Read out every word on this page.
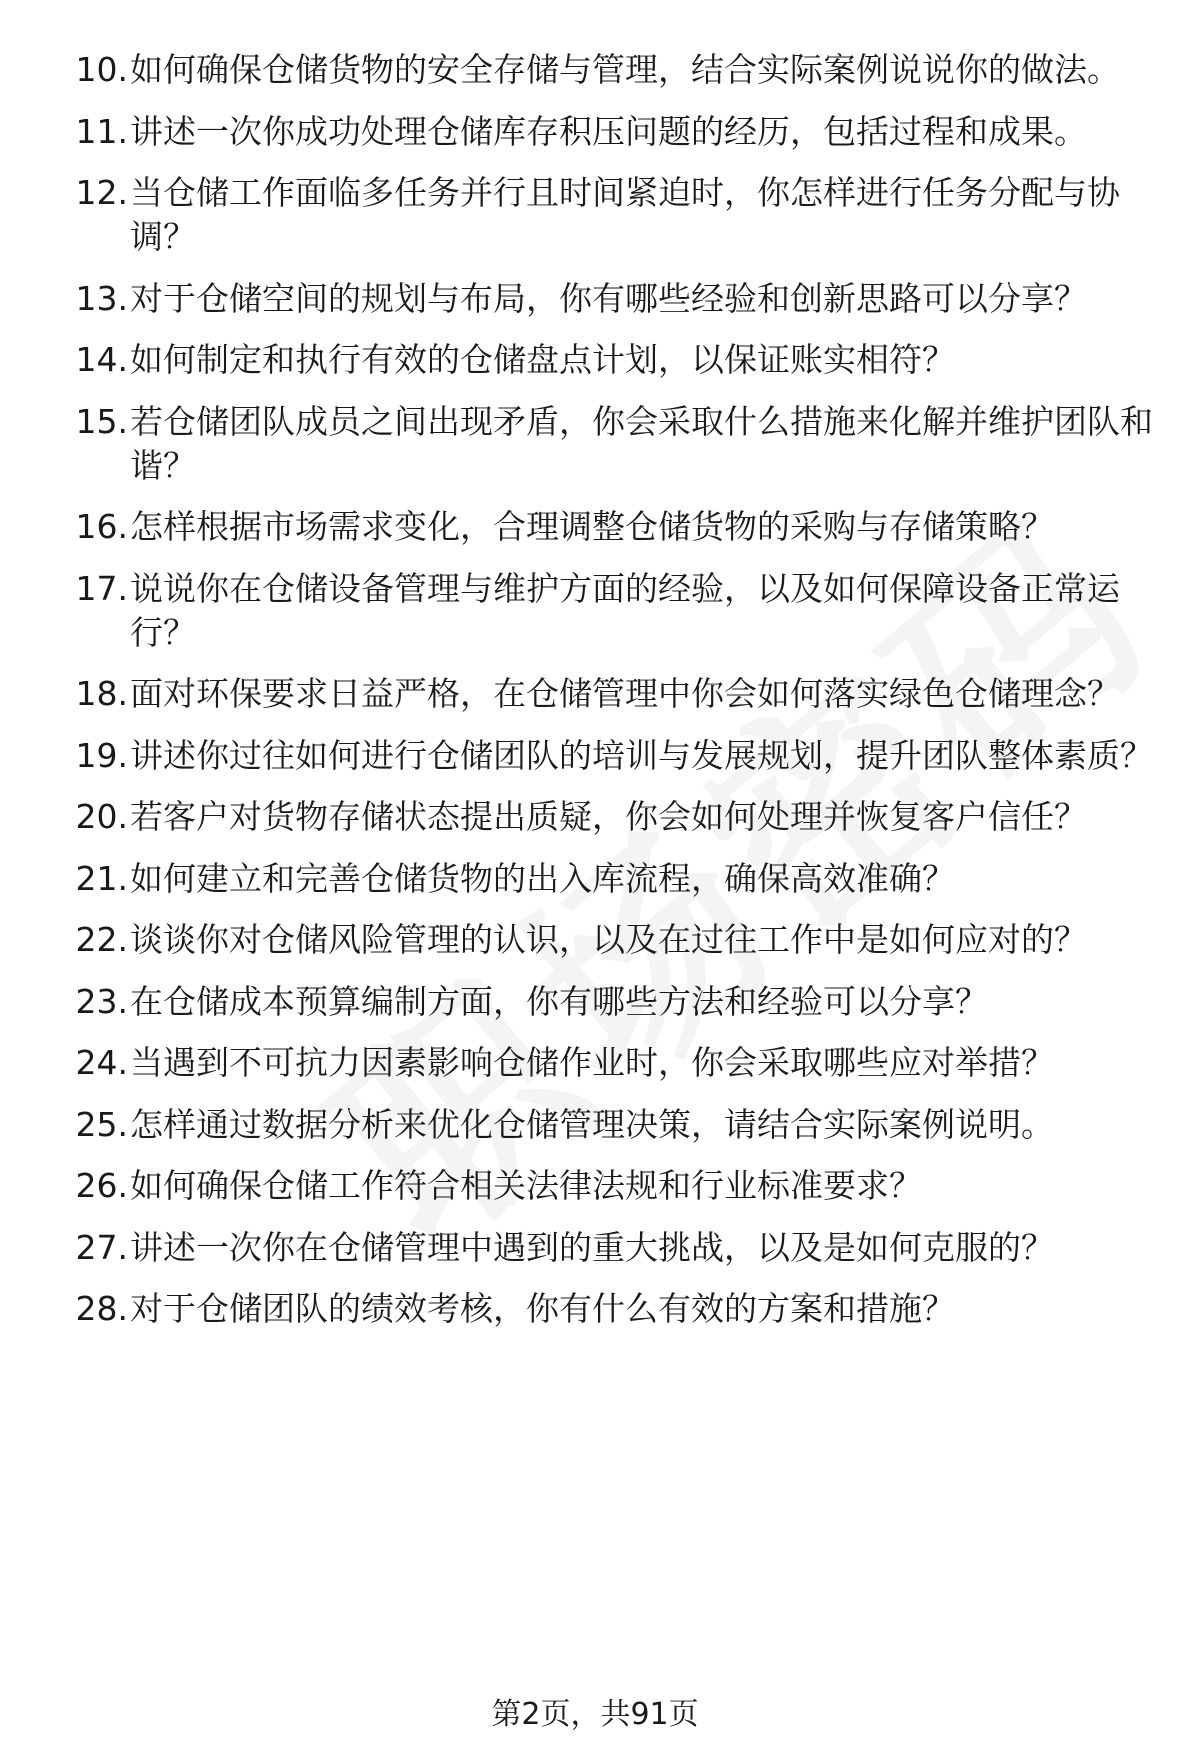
10. 如何确保仓储货物的安全存储与管理，结合实际案例说说你的做法。
11. 讲述一次你成功处理仓储库存积压问题的经历，包括过程和成果。
12. 当仓储工作面临多任务并行且时间紧迫时，你怎样进行任务分配与协调？
13. 对于仓储空间的规划与布局，你有哪些经验和创新思路可以分享？
14. 如何制定和执行有效的仓储盘点计划，以保证账实相符？
15. 若仓储团队成员之间出现矛盾，你会采取什么措施来化解并维护团队和谐？
16. 怎样根据市场需求变化，合理调整仓储货物的采购与存储策略？
17. 说说你在仓储设备管理与维护方面的经验，以及如何保障设备正常运行？
18. 面对环保要求日益严格，在仓储管理中你会如何落实绿色仓储理念？
19. 讲述你过往如何进行仓储团队的培训与发展规划，提升团队整体素质？
20. 若客户对货物存储状态提出质疑，你会如何处理并恢复客户信任？
21. 如何建立和完善仓储货物的出入库流程，确保高效准确？
22. 谈谈你对仓储风险管理的认识，以及在过往工作中是如何应对的？
23. 在仓储成本预算编制方面，你有哪些方法和经验可以分享？
24. 当遇到不可抗力因素影响仓储作业时，你会采取哪些应对举措？
25. 怎样通过数据分析来优化仓储管理决策，请结合实际案例说明。
26. 如何确保仓储工作符合相关法律法规和行业标准要求？
27. 讲述一次你在仓储管理中遇到的重大挑战，以及是如何克服的？
28. 对于仓储团队的绩效考核，你有什么有效的方案和措施？
第2页，共91页
